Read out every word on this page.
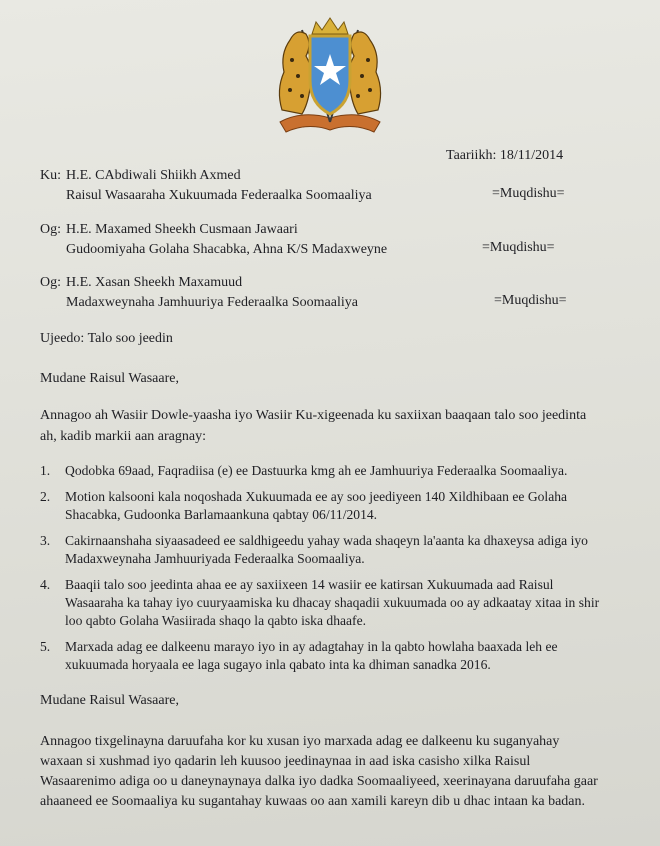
Taariikh: 18/11/2014
Ku: H.E. CAbdiwali Shiikh Axmed
Raisul Wasaaraha Xukuumada Federaalka Soomaaliya	=Muqdishu=
Og: H.E. Maxamed Sheekh Cusmaan Jawaari
Gudoomiyaha Golaha Shacabka, Ahna K/S Madaxweyne	=Muqdishu=
Og: H.E. Xasan Sheekh Maxamuud
Madaxweynaha Jamhuuriya Federaalka Soomaaliya	=Muqdishu=
Ujeedo: Talo soo jeedin
Mudane Raisul Wasaare,
Annagoo ah Wasiir Dowle-yaasha iyo Wasiir Ku-xigeenada ku saxiixan baaqaan talo soo jeedinta ah, kadib markii aan aragnay:
1. Qodobka 69aad, Faqradiisa (e) ee Dastuurka kmg ah ee Jamhuuriya Federaalka Soomaaliya.
2. Motion kalsooni kala noqoshada Xukuumada ee ay soo jeediyeen 140 Xildhibaan ee Golaha Shacabka, Gudoonka Barlamaankuna qabtay 06/11/2014.
3. Cakirnaanshaha siyaasadeed ee saldhigeedu yahay wada shaqeyn la'aanta ka dhaxeysa adiga iyo Madaxweynaha Jamhuuriyada Federaalka Soomaaliya.
4. Baaqii talo soo jeedinta ahaa ee ay saxiixeen 14 wasiir ee katirsan Xukuumada aad Raisul Wasaaraha ka tahay iyo cuuryaamiska ku dhacay shaqadii xukuumada oo ay adkaatay xitaa in shir loo qabto Golaha Wasiirada shaqo la qabto iska dhaafe.
5. Marxada adag ee dalkeenu marayo iyo in ay adagtahay in la qabto howlaha baaxada leh ee xukuumada horyaala ee laga sugayo inla qabato inta ka dhiman sanadka 2016.
Mudane Raisul Wasaare,
Annagoo tixgelinayna daruufaha kor ku xusan iyo marxada adag ee dalkeenu ku suganyahay waxaan si xushmad iyo qadarin leh kuusoo jeedinaynaa in aad iska casisho xilka Raisul Wasaarenimo adiga oo u daneynaynaya dalka iyo dadka Soomaaliyeed, xeerinayana daruufaha gaar ahaaneed ee Soomaaliya ku sugantahay kuwaas oo aan xamili kareyn dib u dhac intaan ka badan.
